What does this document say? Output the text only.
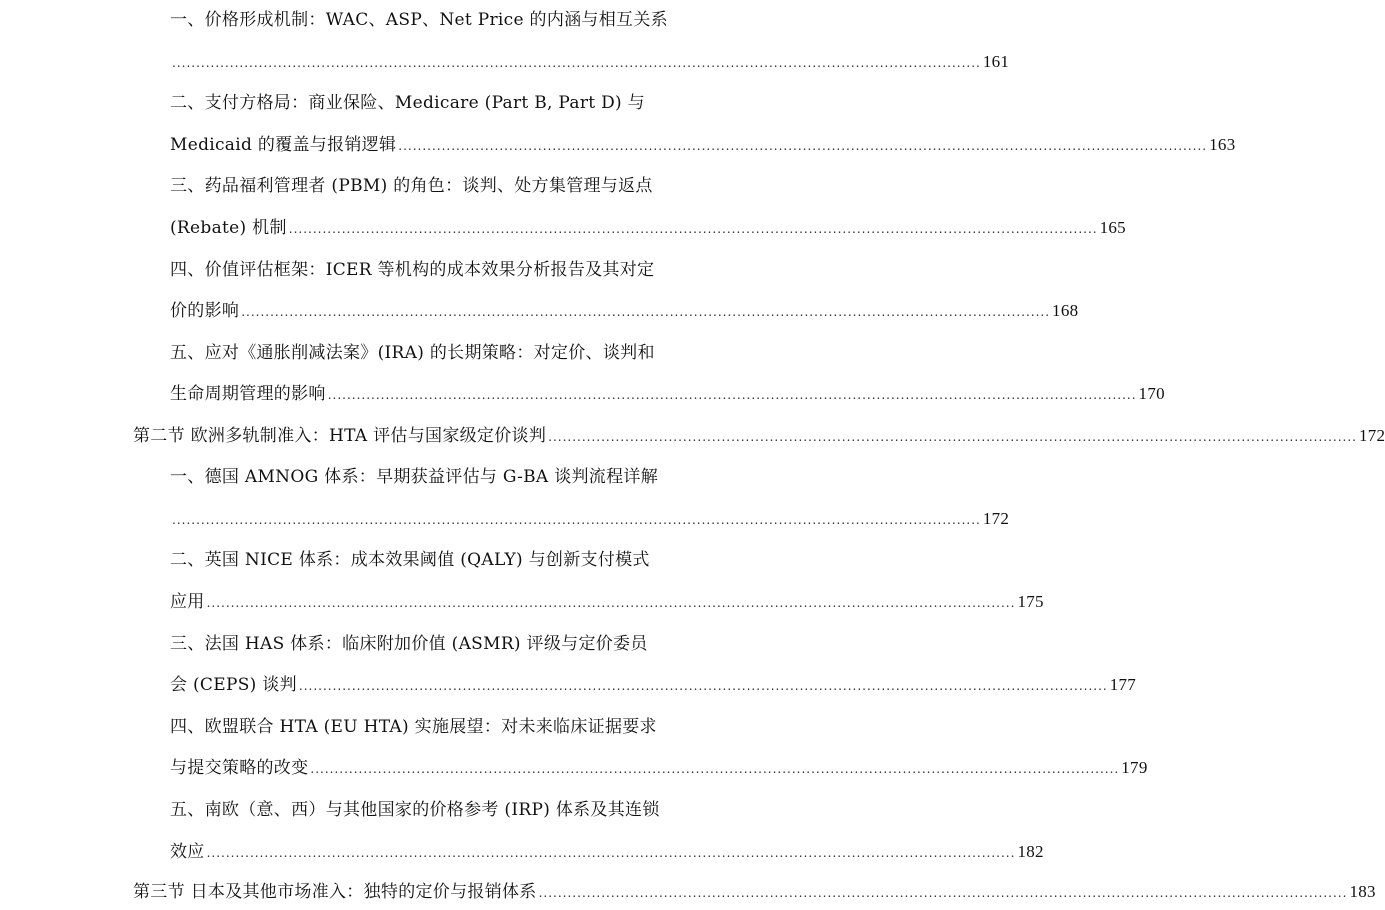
一、价格形成机制：WAC、ASP、Net Price 的内涵与相互关系
........................................................................................................................................................................ 161
二、支付方格局：商业保险、Medicare (Part B, Part D) 与
Medicaid 的覆盖与报销逻辑 ........................................................................................................................................................................ 163
三、药品福利管理者 (PBM) 的角色：谈判、处方集管理与返点
(Rebate) 机制 ........................................................................................................................................................................ 165
四、价值评估框架：ICER 等机构的成本效果分析报告及其对定
价的影响 ........................................................................................................................................................................ 168
五、应对《通胀削减法案》(IRA) 的长期策略：对定价、谈判和
生命周期管理的影响 ........................................................................................................................................................................ 170
第二节 欧洲多轨制准入：HTA 评估与国家级定价谈判 ........................................................................................................................................................................ 172
一、德国 AMNOG 体系：早期获益评估与 G-BA 谈判流程详解
........................................................................................................................................................................ 172
二、英国 NICE 体系：成本效果阈值 (QALY) 与创新支付模式
应用 ........................................................................................................................................................................ 175
三、法国 HAS 体系：临床附加价值 (ASMR) 评级与定价委员
会 (CEPS) 谈判 ........................................................................................................................................................................ 177
四、欧盟联合 HTA (EU HTA) 实施展望：对未来临床证据要求
与提交策略的改变 ........................................................................................................................................................................ 179
五、南欧（意、西）与其他国家的价格参考 (IRP) 体系及其连锁
效应 ........................................................................................................................................................................ 182
第三节 日本及其他市场准入：独特的定价与报销体系 ........................................................................................................................................................................ 183
